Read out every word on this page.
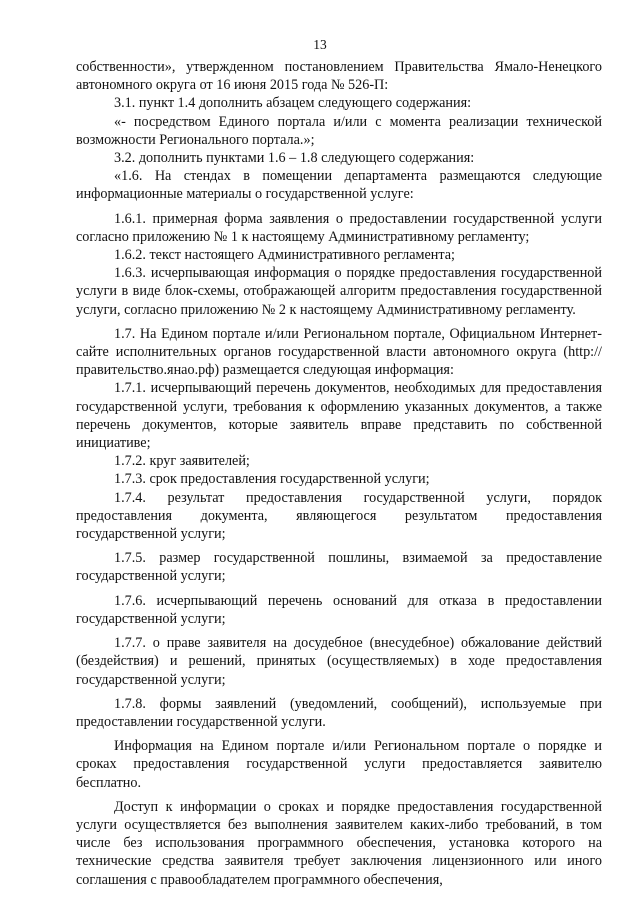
13

собственности», утвержденном постановлением Правительства Ямало-Ненецкого автономного округа от 16 июня 2015 года № 526-П:

3.1. пункт 1.4 дополнить абзацем следующего содержания:

«- посредством Единого портала и/или с момента реализации технической возможности Регионального портала.»;

3.2. дополнить пунктами 1.6 – 1.8 следующего содержания:

«1.6. На стендах в помещении департамента размещаются следующие информационные материалы о государственной услуге:

1.6.1. примерная форма заявления о предоставлении государственной услуги согласно приложению № 1 к настоящему Административному регламенту;

1.6.2. текст настоящего Административного регламента;

1.6.3. исчерпывающая информация о порядке предоставления государственной услуги в виде блок-схемы, отображающей алгоритм предоставления государственной услуги, согласно приложению № 2 к настоящему Административному регламенту.

1.7. На Едином портале и/или Региональном портале, Официальном Интернет-сайте исполнительных органов государственной власти автономного округа (http://правительство.янао.рф) размещается следующая информация:

1.7.1. исчерпывающий перечень документов, необходимых для предоставления государственной услуги, требования к оформлению указанных документов, а также перечень документов, которые заявитель вправе представить по собственной инициативе;

1.7.2. круг заявителей;

1.7.3. срок предоставления государственной услуги;

1.7.4. результат предоставления государственной услуги, порядок предоставления документа, являющегося результатом предоставления государственной услуги;

1.7.5. размер государственной пошлины, взимаемой за предоставление государственной услуги;

1.7.6. исчерпывающий перечень оснований для отказа в предоставлении государственной услуги;

1.7.7. о праве заявителя на досудебное (внесудебное) обжалование действий (бездействия) и решений, принятых (осуществляемых) в ходе предоставления государственной услуги;

1.7.8. формы заявлений (уведомлений, сообщений), используемые при предоставлении государственной услуги.

Информация на Едином портале и/или Региональном портале о порядке и сроках предоставления государственной услуги предоставляется заявителю бесплатно.

Доступ к информации о сроках и порядке предоставления государственной услуги осуществляется без выполнения заявителем каких-либо требований, в том числе без использования программного обеспечения, установка которого на технические средства заявителя требует заключения лицензионного или иного соглашения с правообладателем программного обеспечения,
